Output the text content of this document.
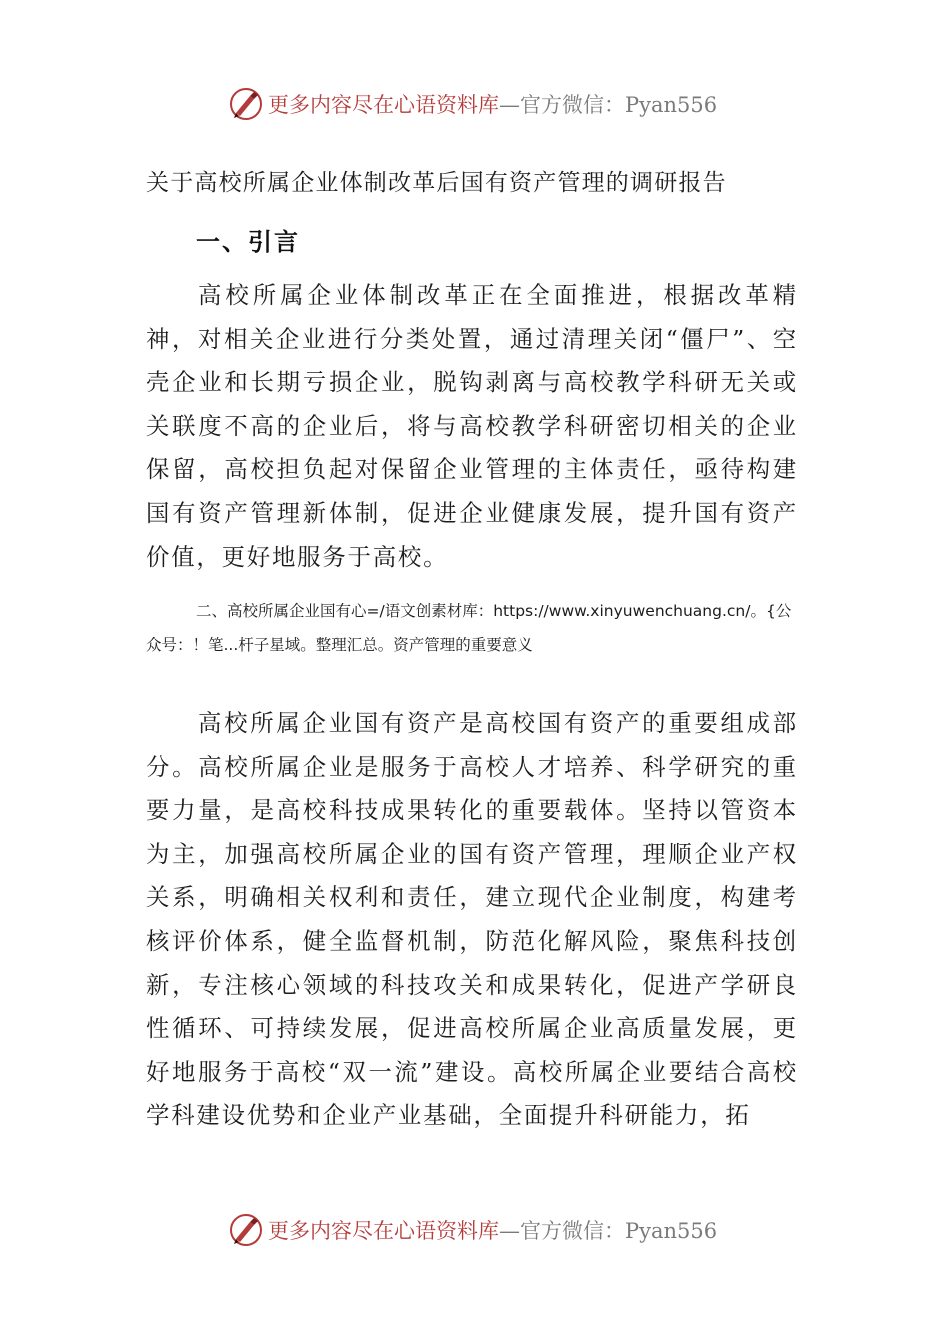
更多内容尽在心语资料库—官方微信：Pyan556
关于高校所属企业体制改革后国有资产管理的调研报告
一、引言

高校所属企业体制改革正在全面推进，根据改革精神，对相关企业进行分类处置，通过清理关闭“僵尸”、空壳企业和长期亏损企业，脱钩剥离与高校教学科研无关或关联度不高的企业后，将与高校教学科研密切相关的企业保留，高校担负起对保留企业管理的主体责任，亟待构建国有资产管理新体制，促进企业健康发展，提升国有资产价值，更好地服务于高校。

二、高校所属企业国有心=/语文创素材库：https://www.xinyuwenchuang.cn/。{公众号：！笔...杆子星域。整理汇总。资产管理的重要意义

高校所属企业国有资产是高校国有资产的重要组成部分。高校所属企业是服务于高校人才培养、科学研究的重要力量，是高校科技成果转化的重要载体。坚持以管资本为主，加强高校所属企业的国有资产管理，理顺企业产权关系，明确相关权利和责任，建立现代企业制度，构建考核评价体系，健全监督机制，防范化解风险，聚焦科技创新，专注核心领域的科技攻关和成果转化，促进产学研良性循环、可持续发展，促进高校所属企业高质量发展，更好地服务于高校“双一流”建设。高校所属企业要结合高校学科建设优势和企业产业基础，全面提升科研能力，拓

更多内容尽在心语资料库—官方微信：Pyan556
